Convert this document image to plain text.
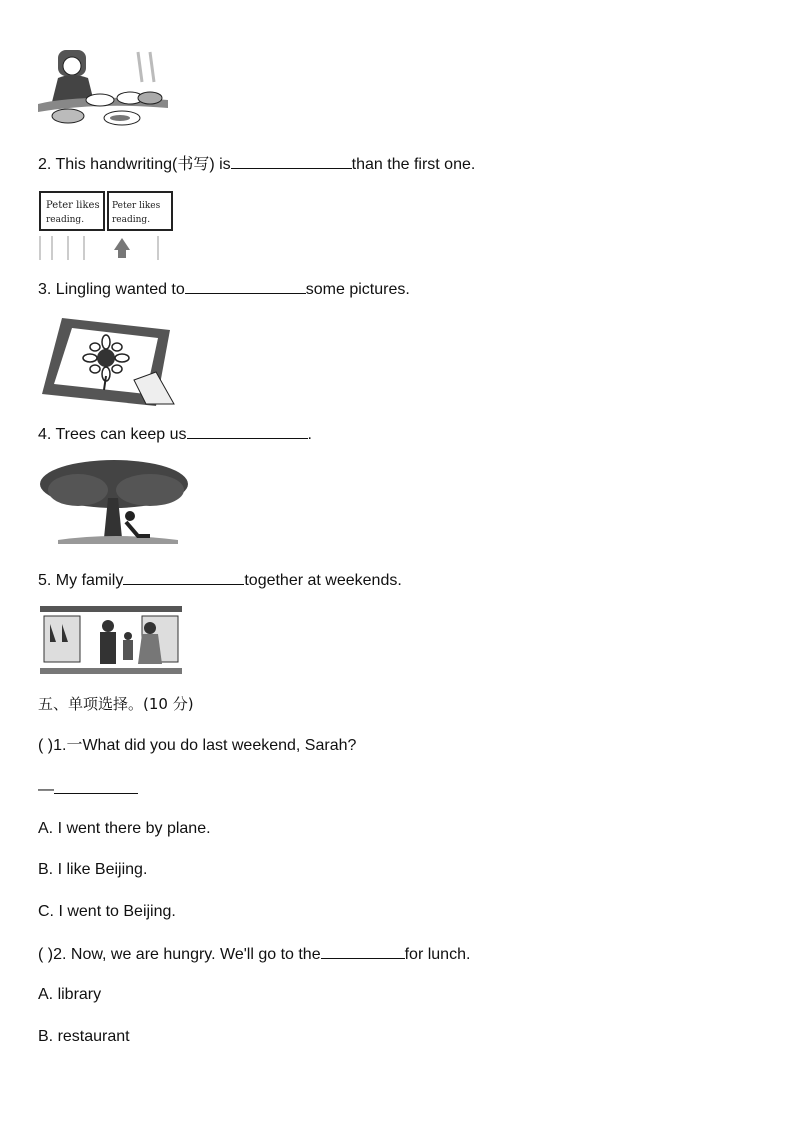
2. This handwriting(书写) is	than the first one.
Peter likes
reading.
Peter likes
reading.
3. Lingling wanted to	some pictures.
4. Trees can keep us	.
5. My family	together at weekends.
五、单项选择。(10 分)
( )1.一What did you do last weekend, Sarah?
—
A. I went there by plane.
B. I like Beijing.
C. I went to Beijing.
( )2. Now, we are hungry. We'll go to the	for lunch.
A. library
B. restaurant
